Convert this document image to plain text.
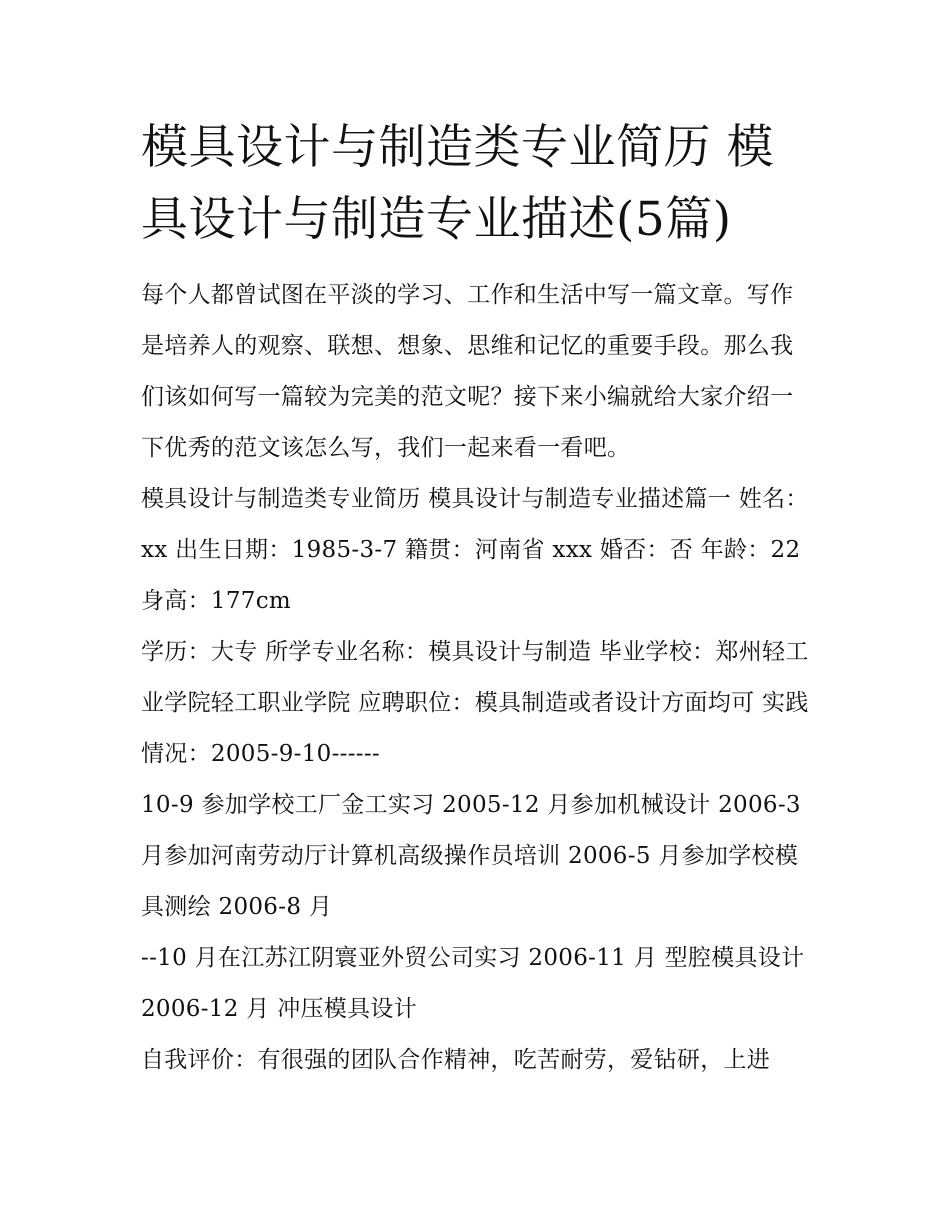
模具设计与制造类专业简历 模具设计与制造专业描述(5篇)

每个人都曾试图在平淡的学习、工作和生活中写一篇文章。写作是培养人的观察、联想、想象、思维和记忆的重要手段。那么我们该如何写一篇较为完美的范文呢？接下来小编就给大家介绍一下优秀的范文该怎么写，我们一起来看一看吧。

模具设计与制造类专业简历 模具设计与制造专业描述篇一 姓名： xx 出生日期：1985-3-7 籍贯：河南省 xxx 婚否：否 年龄：22 身高：177cm

学历：大专 所学专业名称：模具设计与制造 毕业学校：郑州轻工业学院轻工职业学院 应聘职位：模具制造或者设计方面均可 实践情况：2005-9-10------

10-9 参加学校工厂金工实习 2005-12 月参加机械设计 2006-3 月参加河南劳动厅计算机高级操作员培训 2006-5 月参加学校模具测绘 2006-8 月

--10 月在江苏江阴寰亚外贸公司实习 2006-11 月 型腔模具设计 2006-12 月 冲压模具设计

自我评价：有很强的团队合作精神，吃苦耐劳，爱钻研，上进
